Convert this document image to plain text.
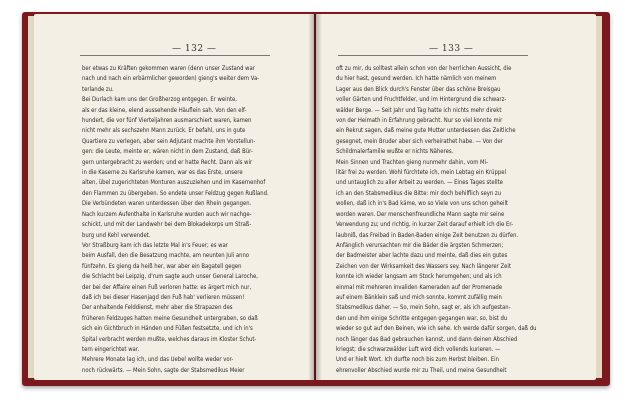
— 132 —
ber etwas zu Kräften gekommen waren (denn unser Zustand war
nach und nach ein erbärmlicher geworden) gieng's weiter dem Va-
terlande zu.
Bei Durlach kam uns der Großherzog entgegen. Er weinte,
als er das kleine, elend aussehende Häuflein sah. Von den elf-
hundert, die vor fünf Vierteljahren ausmarschiert waren, kamen
nicht mehr als sechszehn Mann zurück. Er befahl, uns in gute
Quartiere zu verlegen, aber sein Adjutant machte ihm Vorstellun-
gen: die Leute, meinte er, wären nicht in dem Zustand, daß Bür-
gern untergebracht zu werden; und er hatte Recht. Dann als wir
in die Kaserne zu Karlsruhe kamen, war es das Erste, unsere
alten, übel zugerichteten Monturen auszuziehen und im Kasernenhof
den Flammen zu übergeben. So endete unser Feldzug gegen Rußland.
Die Verbündeten waren unterdessen über den Rhein gegangen.
Nach kurzem Aufenthalte in Karlsruhe wurden auch wir nachge-
schickt, und mit der Landwehr bei dem Blokadekorps um Straß-
burg und Kehl verwendet.
Vor Straßburg kam ich das letzte Mal in's Feuer; es war
beim Ausfall, den die Besatzung machte, am neunten Juli anno
fünfzehn. Es gieng da heiß her, war aber ein Bagatell gegen
die Schlacht bei Leipzig, d'rum sagte auch unser General Laroche,
der bei der Affaire einen Fuß verloren hatte: es ärgert mich nur,
daß ich bei dieser Hasenjagd den Fuß hab' verlieren müssen!
Der anhaltende Felddienst, mehr aber die Strapazen des
früheren Feldzuges hatten meine Gesundheit untergraben, so daß
sich ein Gichtbruch in Händen und Füßen festsetzte, und ich in's
Spital verbracht werden mußte, welches daraus im Kloster Schut-
tern eingerichtet war.
Mehrere Monate lag ich, und das Uebel wollte weder vor-
noch rückwärts. — Mein Sohn, sagte der Stabsmedikus Meier
— 133 —
oft zu mir, du solltest allein schon von der herrlichen Aussicht, die
du hier hast, gesund werden. Ich hatte nämlich von meinem
Lager aus den Blick durch's Fenster über das schöne Breisgau
voller Gärten und Fruchtfelder, und im Hintergrund die schwarz-
wälder Berge. — Seit Jahr und Tag hatte ich nichts mehr direkt
von der Heimath in Erfahrung gebracht. Nur so viel konnte mir
ein Rekrut sagen, daß meine gute Mutter unterdessen das Zeitliche
gesegnet, mein Bruder aber sich verheirathet habe. — Von der
Schildmalerfamilie wußte er nichts Näheres.
Mein Sinnen und Trachten gieng nunmehr dahin, vom Mi-
litär frei zu werden. Wohl fürchtete ich, mein Lebtag ein Krüppel
und untauglich zu aller Arbeit zu werden. — Eines Tages stellte
ich an den Stabsmedikus die Bitte: mir doch behilflich seyn zu
wollen, daß ich in's Bad käme, wo so Viele von uns schon geheilt
worden waren. Der menschenfreundliche Mann sagte mir seine
Verwendung zu; und richtig, in kurzer Zeit darauf erhielt ich die Er-
laubniß, das Freibad in Baden-Baden einige Zeit benutzen zu dürfen.
Anfänglich verursachten mir die Bäder die ärgsten Schmerzen;
der Badmeister aber lachte dazu und meinte, daß dies ein gutes
Zeichen von der Wirksamkeit des Wassers sey. Nach längerer Zeit
konnte ich wieder langsam am Stock herumgehen; und als ich
einmal mit mehreren invaliden Kameraden auf der Promenade
auf einem Bänklein saß und mich sonnte, kommt zufällig mein
Stabsmedikus daher. — So, mein Sohn, sagt er, als ich aufgestan-
den und ihm einige Schritte entgegen gegangen war, so, bist du
wieder so gut auf den Beinen, wie ich sehe. Ich werde dafür sorgen, daß du
noch länger das Bad gebrauchen kannst, und dann deinen Abschied
kriegst; die schwarzwälder Luft wird dich vollends kurieren. —
Und er hielt Wort. Ich durfte noch bis zum Herbst bleiben. Ein
ehrenvoller Abschied wurde mir zu Theil, und meine Gesundheit
